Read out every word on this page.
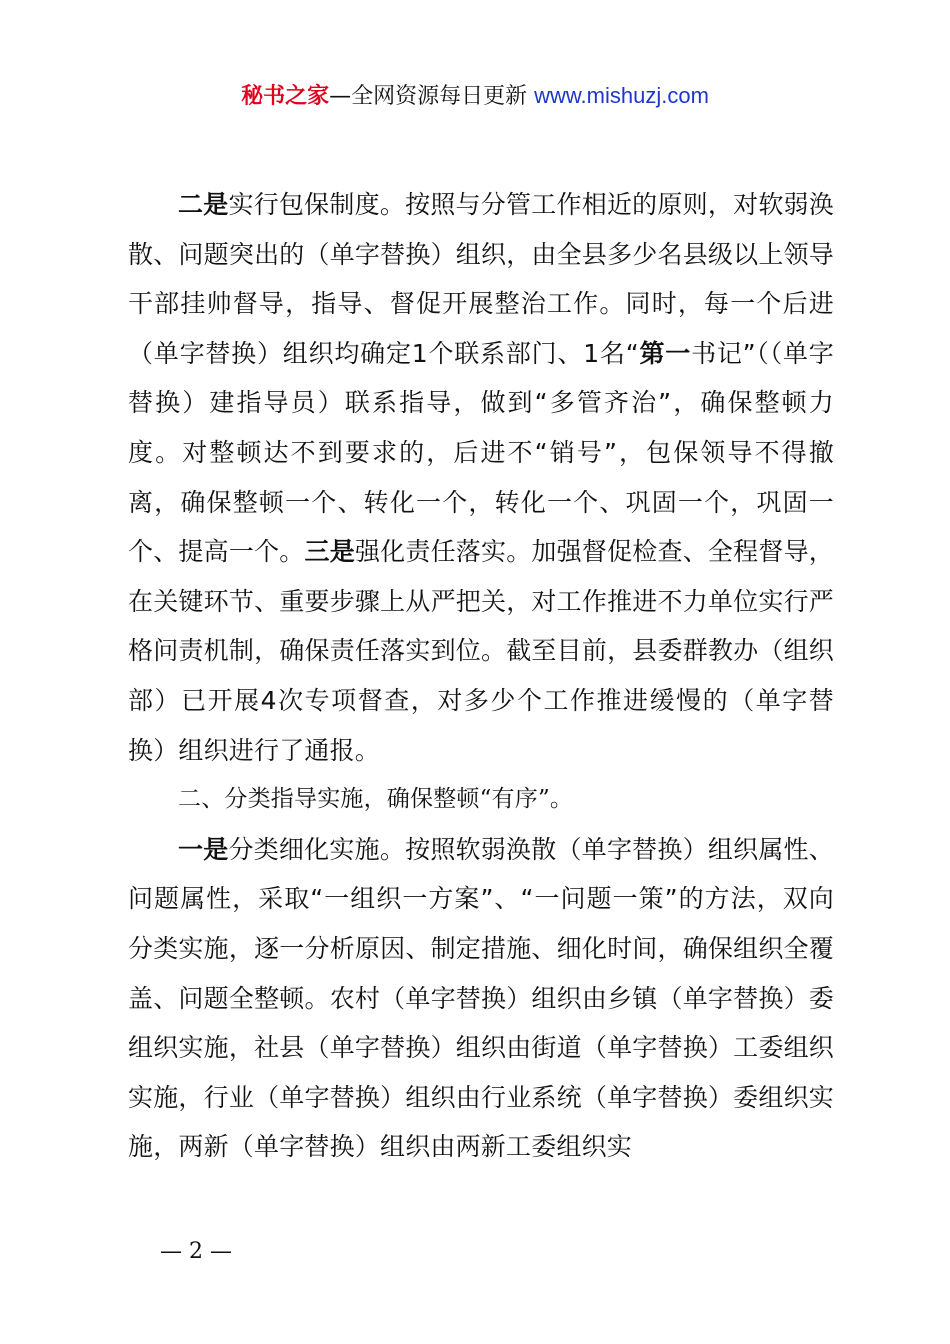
秘书之家—全网资源每日更新 www.mishuzj.com

二是实行包保制度。按照与分管工作相近的原则，对软弱涣散、问题突出的（单字替换）组织，由全县多少名县级以上领导干部挂帅督导，指导、督促开展整治工作。同时，每一个后进（单字替换）组织均确定1个联系部门、1名“第一书记”（（单字替换）建指导员）联系指导，做到“多管齐治”，确保整顿力度。对整顿达不到要求的，后进不“销号”，包保领导不得撤离，确保整顿一个、转化一个，转化一个、巩固一个，巩固一个、提高一个。三是强化责任落实。加强督促检查、全程督导，在关键环节、重要步骤上从严把关，对工作推进不力单位实行严格问责机制，确保责任落实到位。截至目前，县委群教办（组织部）已开展4次专项督查，对多少个工作推进缓慢的（单字替换）组织进行了通报。

二、分类指导实施，确保整顿“有序”。

一是分类细化实施。按照软弱涣散（单字替换）组织属性、问题属性，采取“一组织一方案”、“一问题一策”的方法，双向分类实施，逐一分析原因、制定措施、细化时间，确保组织全覆盖、问题全整顿。农村（单字替换）组织由乡镇（单字替换）委组织实施，社县（单字替换）组织由街道（单字替换）工委组织实施，行业（单字替换）组织由行业系统（单字替换）委组织实施，两新（单字替换）组织由两新工委组织实

— 2 —
